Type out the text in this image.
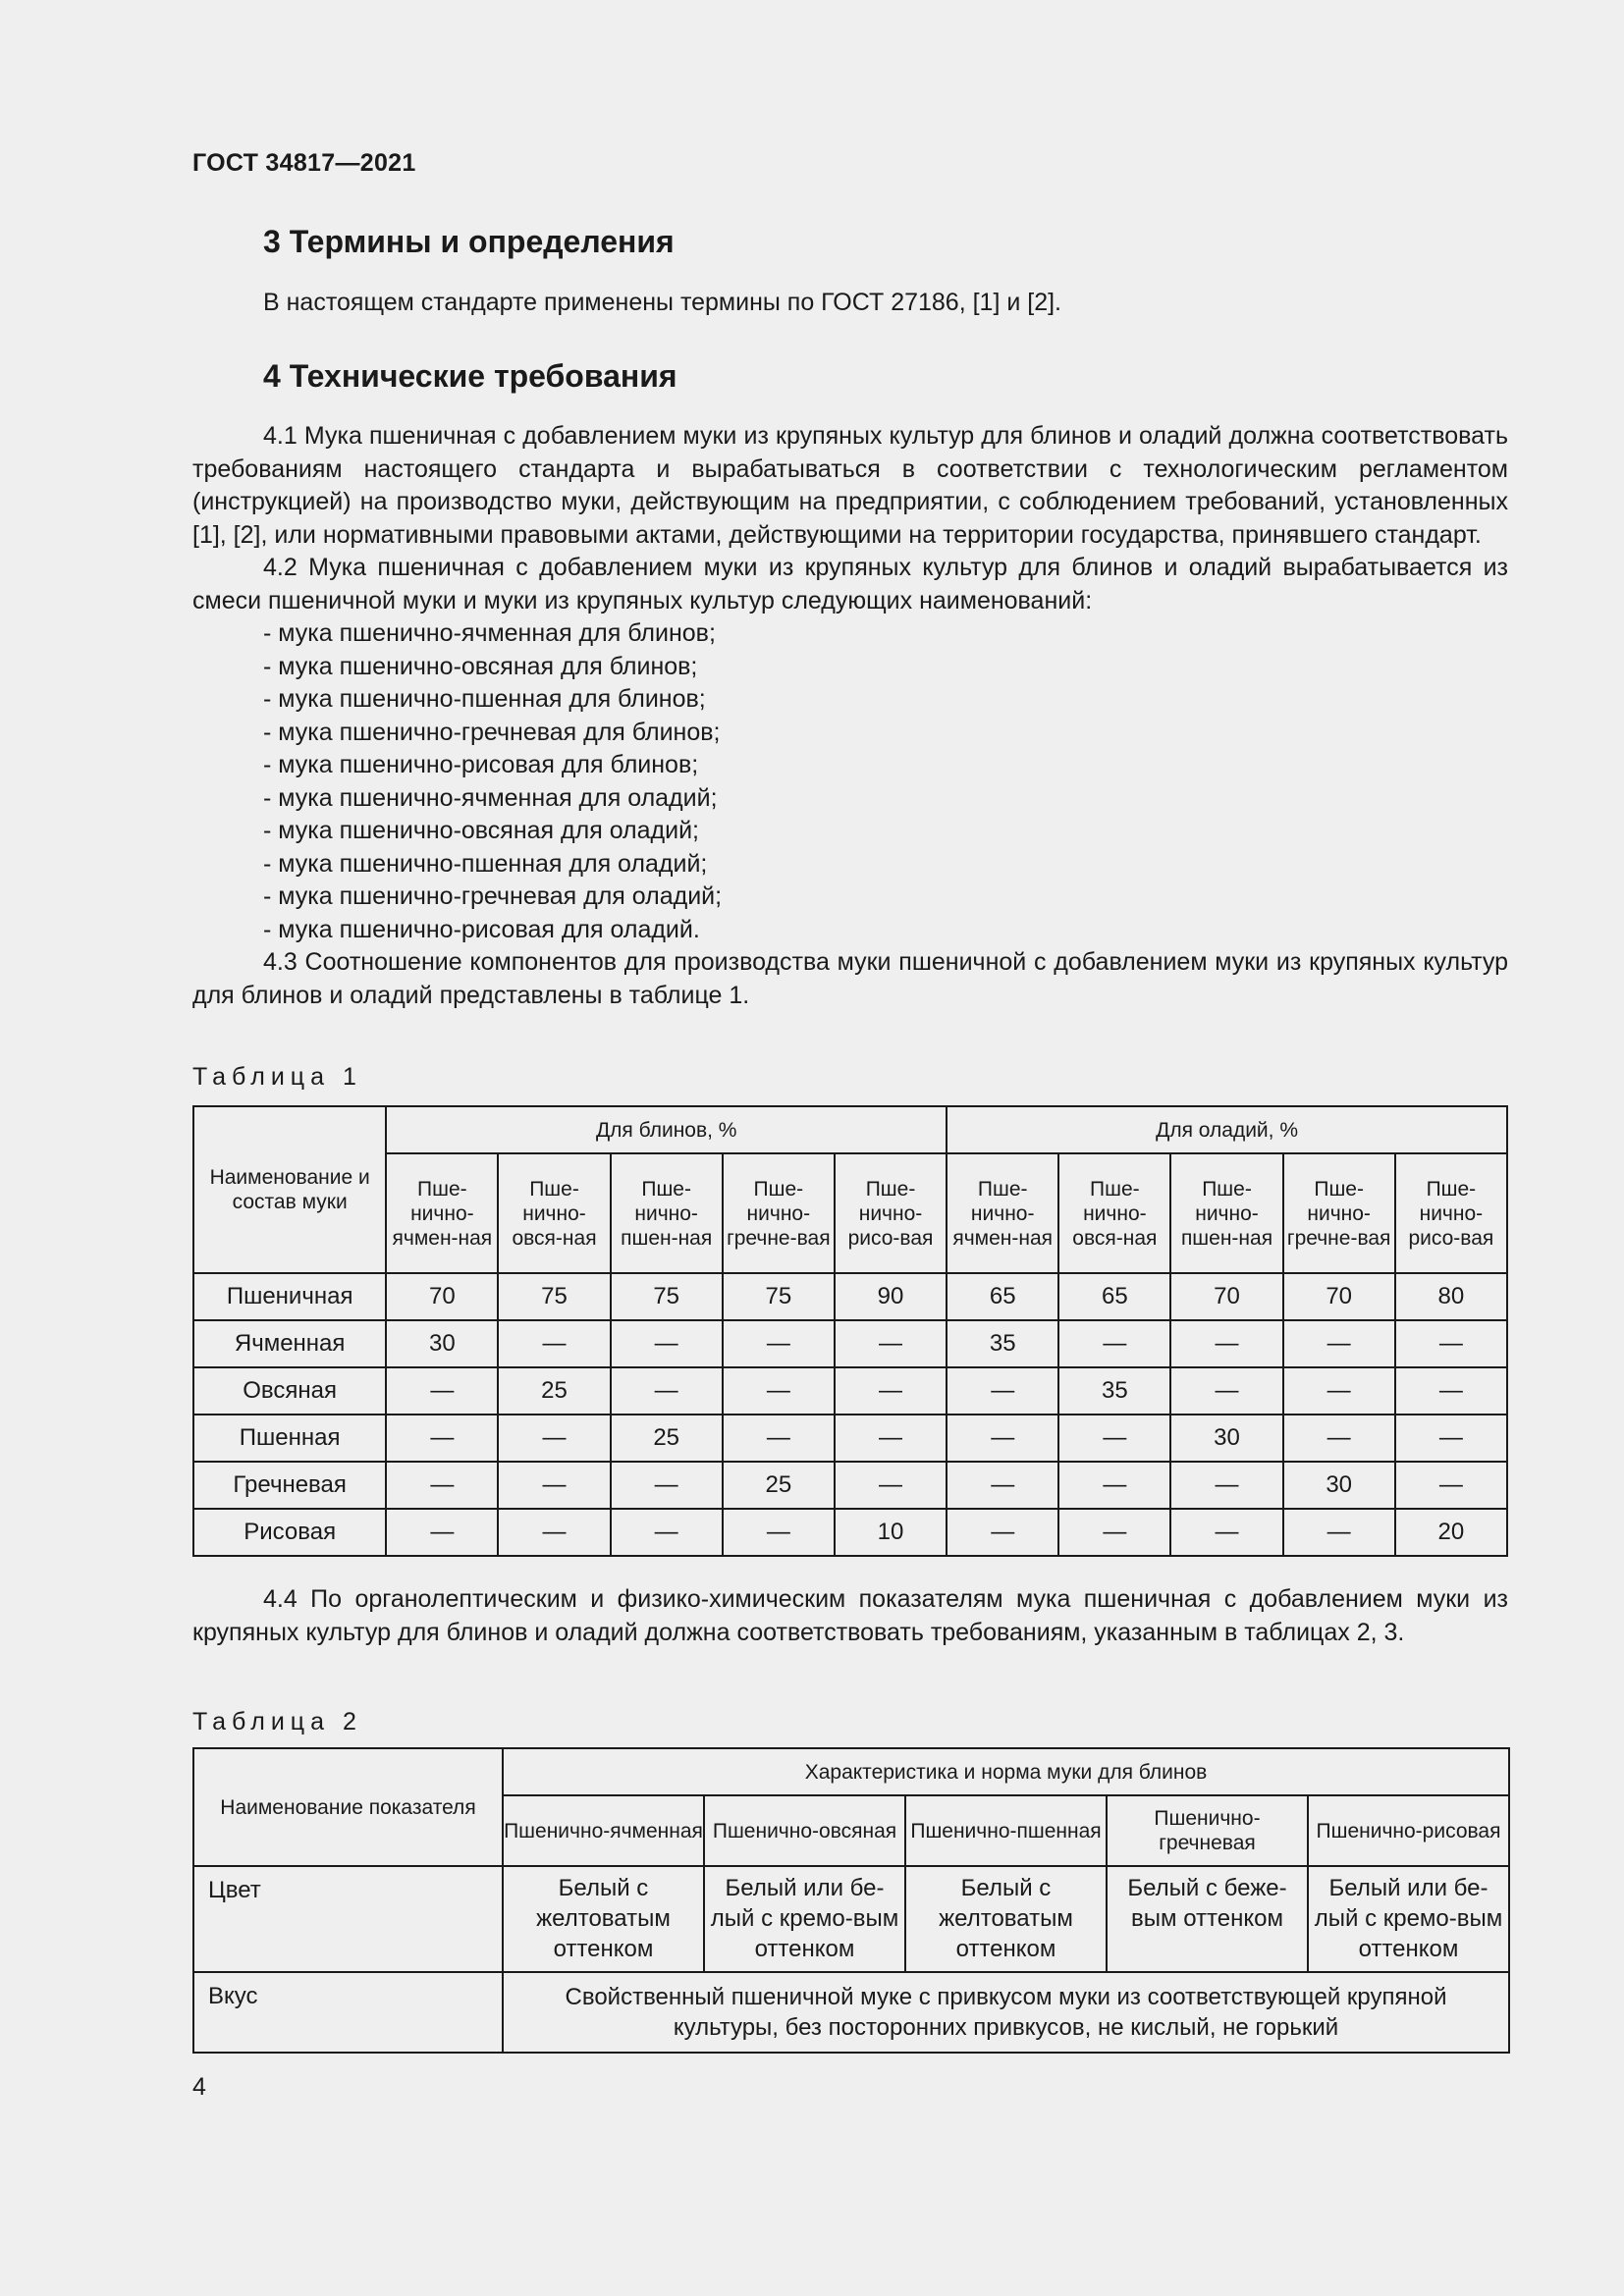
ГОСТ 34817—2021
3 Термины и определения
В настоящем стандарте применены термины по ГОСТ 27186, [1] и [2].
4 Технические требования

4.1 Мука пшеничная с добавлением муки из крупяных культур для блинов и оладий должна соответствовать требованиям настоящего стандарта и вырабатываться в соответствии с технологическим регламентом (инструкцией) на производство муки, действующим на предприятии, с соблюдением требований, установленных [1], [2], или нормативными правовыми актами, действующими на территории государства, принявшего стандарт.

4.2 Мука пшеничная с добавлением муки из крупяных культур для блинов и оладий вырабатывается из смеси пшеничной муки и муки из крупяных культур следующих наименований:

- мука пшенично-ячменная для блинов;
- мука пшенично-овсяная для блинов;
- мука пшенично-пшенная для блинов;
- мука пшенично-гречневая для блинов;
- мука пшенично-рисовая для блинов;
- мука пшенично-ячменная для оладий;
- мука пшенично-овсяная для оладий;
- мука пшенично-пшенная для оладий;
- мука пшенично-гречневая для оладий;
- мука пшенично-рисовая для оладий.

4.3 Соотношение компонентов для производства муки пшеничной с добавлением муки из крупяных культур для блинов и оладий представлены в таблице 1.

Таблица 1
Наименование и состав муки	Для блинов, %					Для оладий, %				
	Пше-нично-ячмен-ная	Пше-нично-овся-ная	Пше-нично-пшен-ная	Пше-нично-гречне-вая	Пше-нично-рисо-вая	Пше-нично-ячмен-ная	Пше-нично-овся-ная	Пше-нично-пшен-ная	Пше-нично-гречне-вая	Пше-нично-рисо-вая
Пшеничная	70	75	75	75	90	65	65	70	70	80
Ячменная	30	—	—	—	—	35	—	—	—	—
Овсяная	—	25	—	—	—	—	35	—	—	—
Пшенная	—	—	25	—	—	—	—	30	—	—
Гречневая	—	—	—	25	—	—	—	—	30	—
Рисовая	—	—	—	—	10	—	—	—	—	20

4.4 По органолептическим и физико-химическим показателям мука пшеничная с добавлением муки из крупяных культур для блинов и оладий должна соответствовать требованиям, указанным в таблицах 2, 3.

Таблица 2
Наименование показателя	Характеристика и норма муки для блинов				
	Пшенично-ячменная	Пшенично-овсяная	Пшенично-пшенная	Пшенично-гречневая	Пшенично-рисовая
Цвет	Белый с желтоватым оттенком	Белый или бе-лый с кремо-вым оттенком	Белый с желтоватым оттенком	Белый с беже-вым оттенком	Белый или бе-лый с кремо-вым оттенком
Вкус	Свойственный пшеничной муке с привкусом муки из соответствующей крупяной культуры, без посторонних привкусов, не кислый, не горький				
4
